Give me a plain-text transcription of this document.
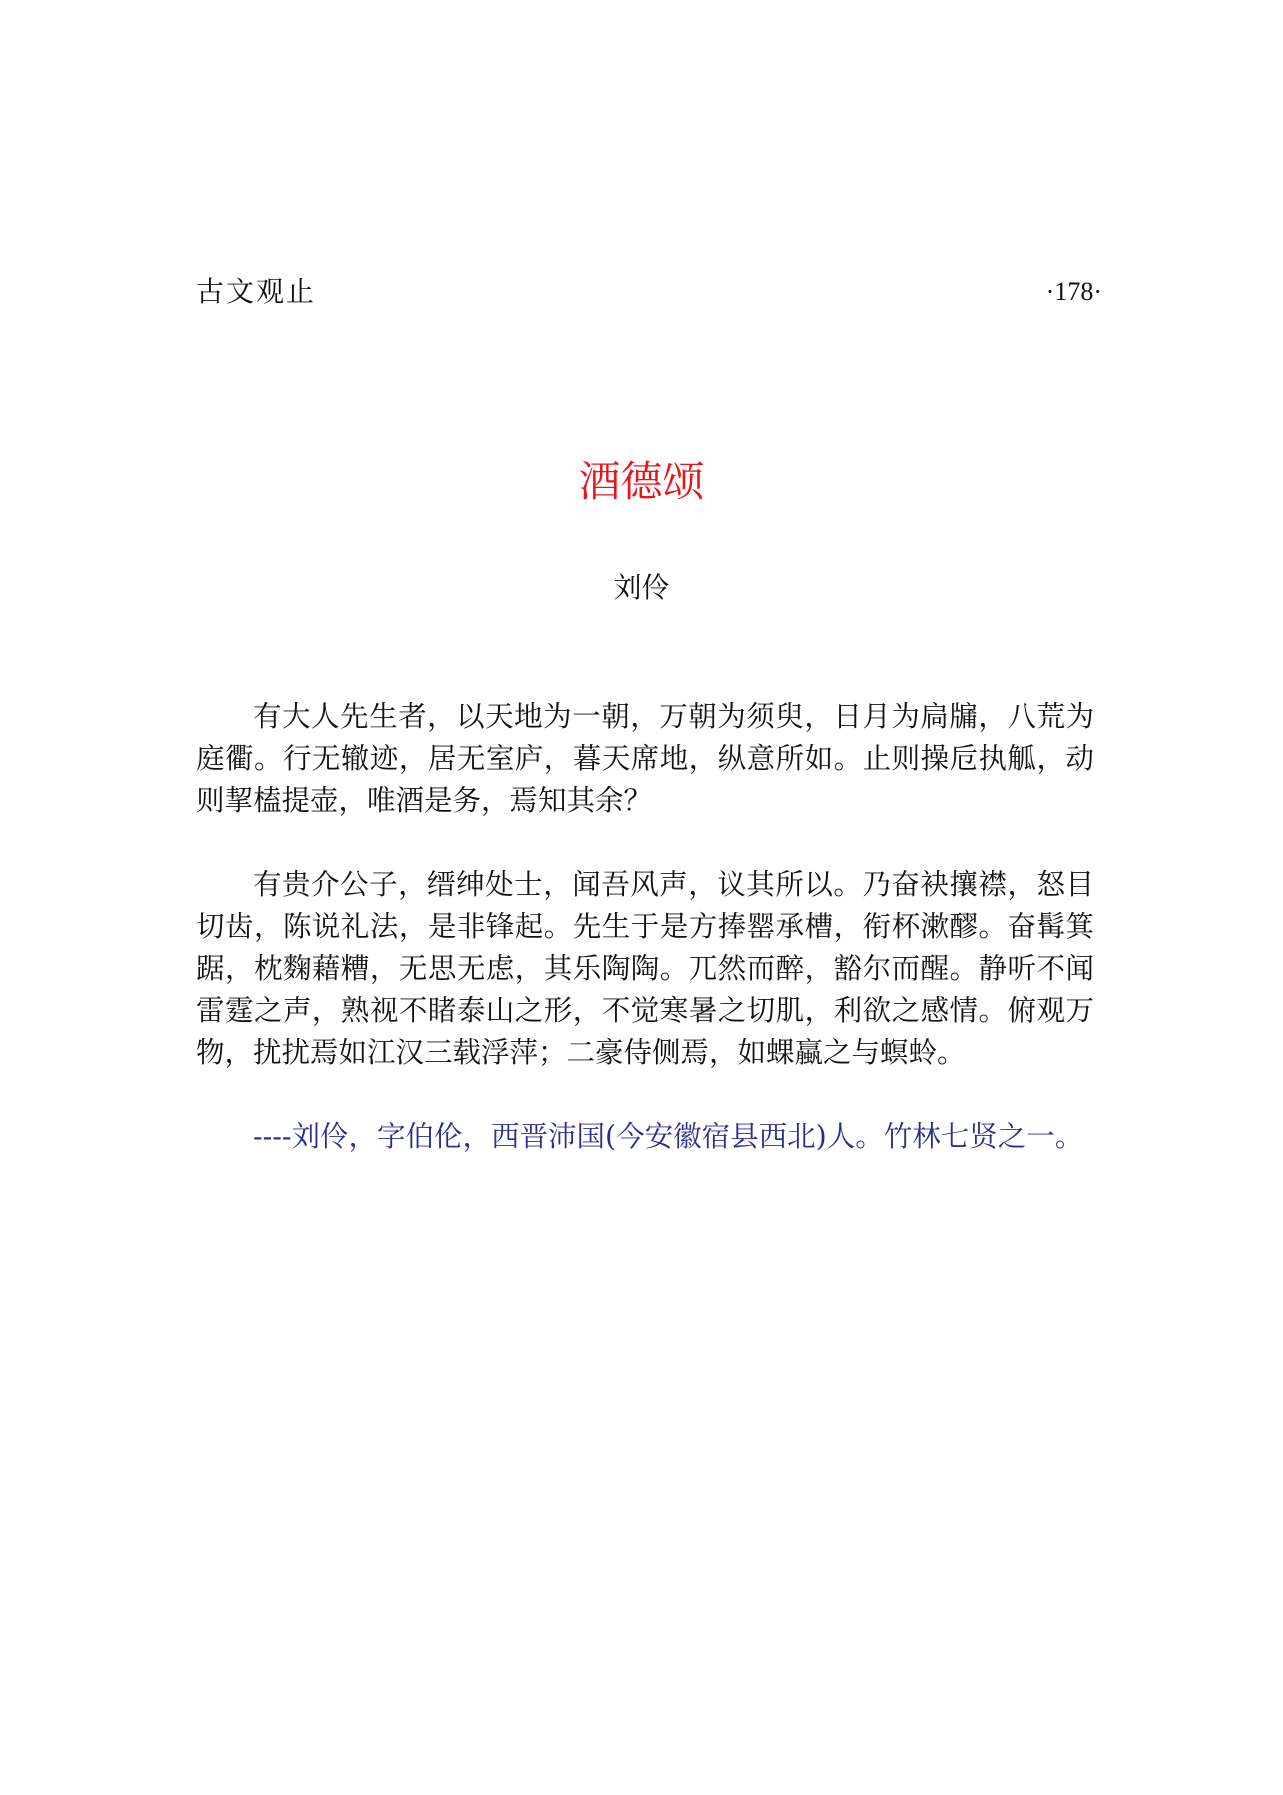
古文观止	·178·
酒德颂
刘伶

有大人先生者，以天地为一朝，万朝为须臾，日月为扃牖，八荒为庭衢。行无辙迹，居无室庐，暮天席地，纵意所如。止则操卮执觚，动则挈榼提壶，唯酒是务，焉知其余？

有贵介公子，缙绅处士，闻吾风声，议其所以。乃奋袂攘襟，怒目切齿，陈说礼法，是非锋起。先生于是方捧罂承槽，衔杯漱醪。奋髯箕踞，枕麴藉糟，无思无虑，其乐陶陶。兀然而醉，豁尔而醒。静听不闻雷霆之声，熟视不睹泰山之形，不觉寒暑之切肌，利欲之感情。俯观万物，扰扰焉如江汉三载浮萍；二豪侍侧焉，如蜾蠃之与螟蛉。

----刘伶，字伯伦，西晋沛国(今安徽宿县西北)人。竹林七贤之一。
